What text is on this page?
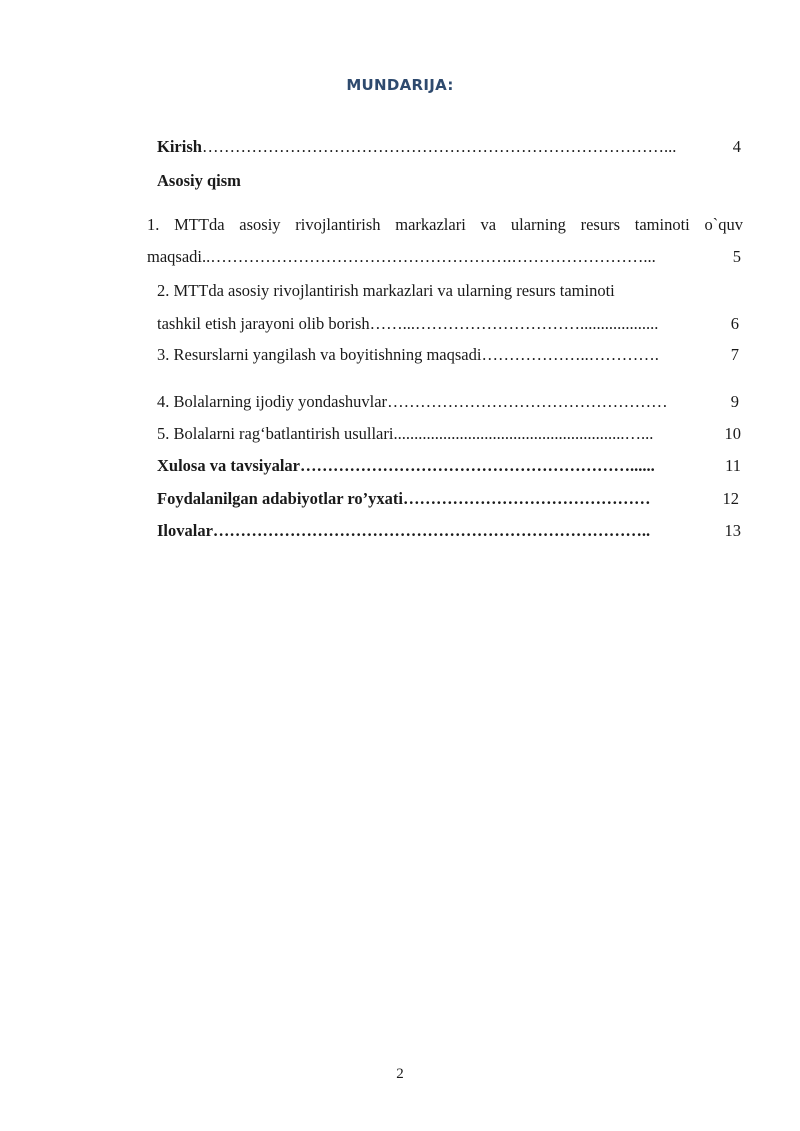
MUNDARIJA:
Kirish …………………………………………………………………………...	4
Asosiy qism
1. MTTda asosiy rivojlantirish markazlari va ularning resurs taminoti o`quv
maqsadi.. ……………………………………………….……………………...	5
2. MTTda asosiy rivojlantirish markazlari va ularning resurs taminoti
tashkil etish jarayoni olib borish ……...…………………………...................	6
3. Resurslarni yangilash va boyitishning maqsadi ………………..………….	7
4. Bolalarning ijodiy yondashuvlar ……………………………………………	9
5. Bolalarni rag‘batlantirish usullari ........................................................…...	10
Xulosa va tavsiyalar ……………………………………………………......	11
Foydalanilgan adabiyotlar ro’yxati ………………………………………	12
Ilovalar ……………………………………………………………………..	13
2
